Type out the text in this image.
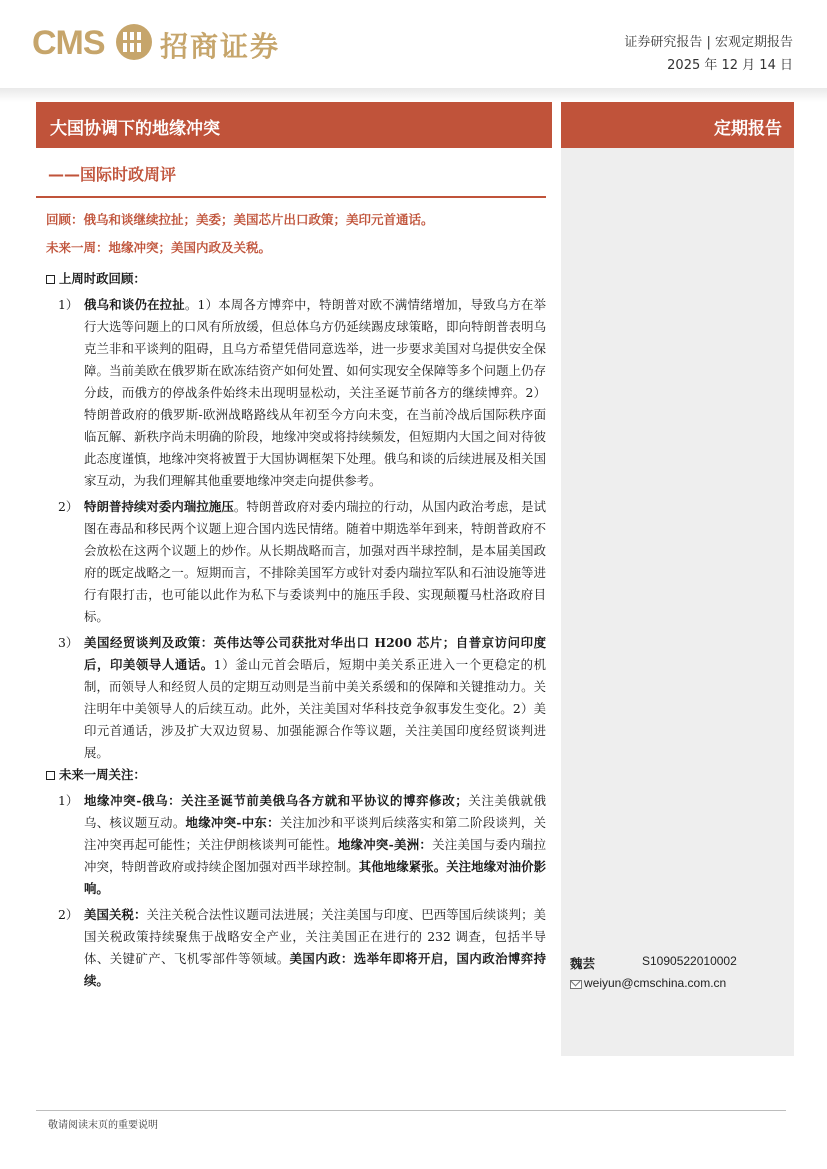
CMS 招商证券	证券研究报告 | 宏观定期报告
2025 年 12 月 14 日
大国协调下的地缘冲突
——国际时政周评
回顾：俄乌和谈继续拉扯；美委；美国芯片出口政策；美印元首通话。
未来一周：地缘冲突；美国内政及关税。
定期报告
上周时政回顾：
1） 俄乌和谈仍在拉扯。1）本周各方博弈中，特朗普对欧不满情绪增加，导致乌方在举行大选等问题上的口风有所放缓，但总体乌方仍延续踢皮球策略，即向特朗普表明乌克兰非和平谈判的阻碍，且乌方希望凭借同意选举，进一步要求美国对乌提供安全保障。当前美欧在俄罗斯在欧冻结资产如何处置、如何实现安全保障等多个问题上仍存分歧，而俄方的停战条件始终未出现明显松动，关注圣诞节前各方的继续博弈。2）特朗普政府的俄罗斯-欧洲战略路线从年初至今方向未变，在当前冷战后国际秩序面临瓦解、新秩序尚未明确的阶段，地缘冲突或将持续频发，但短期内大国之间对待彼此态度谨慎，地缘冲突将被置于大国协调框架下处理。俄乌和谈的后续进展及相关国家互动，为我们理解其他重要地缘冲突走向提供参考。
2） 特朗普持续对委内瑞拉施压。特朗普政府对委内瑞拉的行动，从国内政治考虑，是试图在毒品和移民两个议题上迎合国内选民情绪。随着中期选举年到来，特朗普政府不会放松在这两个议题上的炒作。从长期战略而言，加强对西半球控制，是本届美国政府的既定战略之一。短期而言，不排除美国军方或针对委内瑞拉军队和石油设施等进行有限打击，也可能以此作为私下与委谈判中的施压手段、实现颠覆马杜洛政府目标。
3） 美国经贸谈判及政策：英伟达等公司获批对华出口 H200 芯片；自普京访问印度后，印美领导人通话。1）釜山元首会晤后，短期中美关系正进入一个更稳定的机制，而领导人和经贸人员的定期互动则是当前中美关系缓和的保障和关键推动力。关注明年中美领导人的后续互动。此外，关注美国对华科技竞争叙事发生变化。2）美印元首通话，涉及扩大双边贸易、加强能源合作等议题，关注美国印度经贸谈判进展。
未来一周关注：
1） 地缘冲突-俄乌：关注圣诞节前美俄乌各方就和平协议的博弈修改；关注美俄就俄乌、核议题互动。地缘冲突-中东：关注加沙和平谈判后续落实和第二阶段谈判，关注冲突再起可能性；关注伊朗核谈判可能性。地缘冲突-美洲：关注美国与委内瑞拉冲突，特朗普政府或持续企图加强对西半球控制。其他地缘紧张。关注地缘对油价影响。
2） 美国关税：关注关税合法性议题司法进展；关注美国与印度、巴西等国后续谈判；美国关税政策持续聚焦于战略安全产业，关注美国正在进行的 232 调查，包括半导体、关键矿产、飞机零部件等领域。美国内政：选举年即将开启，国内政治博弈持续。
魏芸	S1090522010002
weiyun@cmschina.com.cn
敬请阅读末页的重要说明
